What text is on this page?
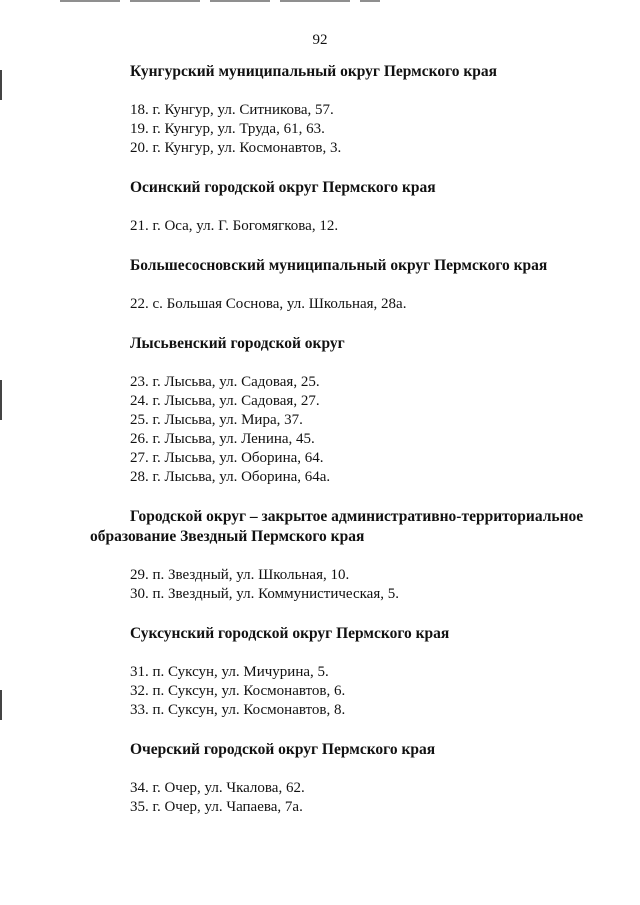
92

Кунгурский муниципальный округ Пермского края

18. г. Кунгур, ул. Ситникова, 57.
19. г. Кунгур, ул. Труда, 61, 63.
20. г. Кунгур, ул. Космонавтов, 3.

Осинский городской округ Пермского края

21. г. Оса, ул. Г. Богомягкова, 12.

Большесосновский муниципальный округ Пермского края

22. с. Большая Соснова, ул. Школьная, 28а.

Лысьвенский городской округ

23. г. Лысьва, ул. Садовая, 25.
24. г. Лысьва, ул. Садовая, 27.
25. г. Лысьва, ул. Мира, 37.
26. г. Лысьва, ул. Ленина, 45.
27. г. Лысьва, ул. Оборина, 64.
28. г. Лысьва, ул. Оборина, 64а.

Городской округ – закрытое административно-территориальное образование Звездный Пермского края

29. п. Звездный, ул. Школьная, 10.
30. п. Звездный, ул. Коммунистическая, 5.

Суксунский городской округ Пермского края

31. п. Суксун, ул. Мичурина, 5.
32. п. Суксун, ул. Космонавтов, 6.
33. п. Суксун, ул. Космонавтов, 8.

Очерский городской округ Пермского края

34. г. Очер, ул. Чкалова, 62.
35. г. Очер, ул. Чапаева, 7а.
